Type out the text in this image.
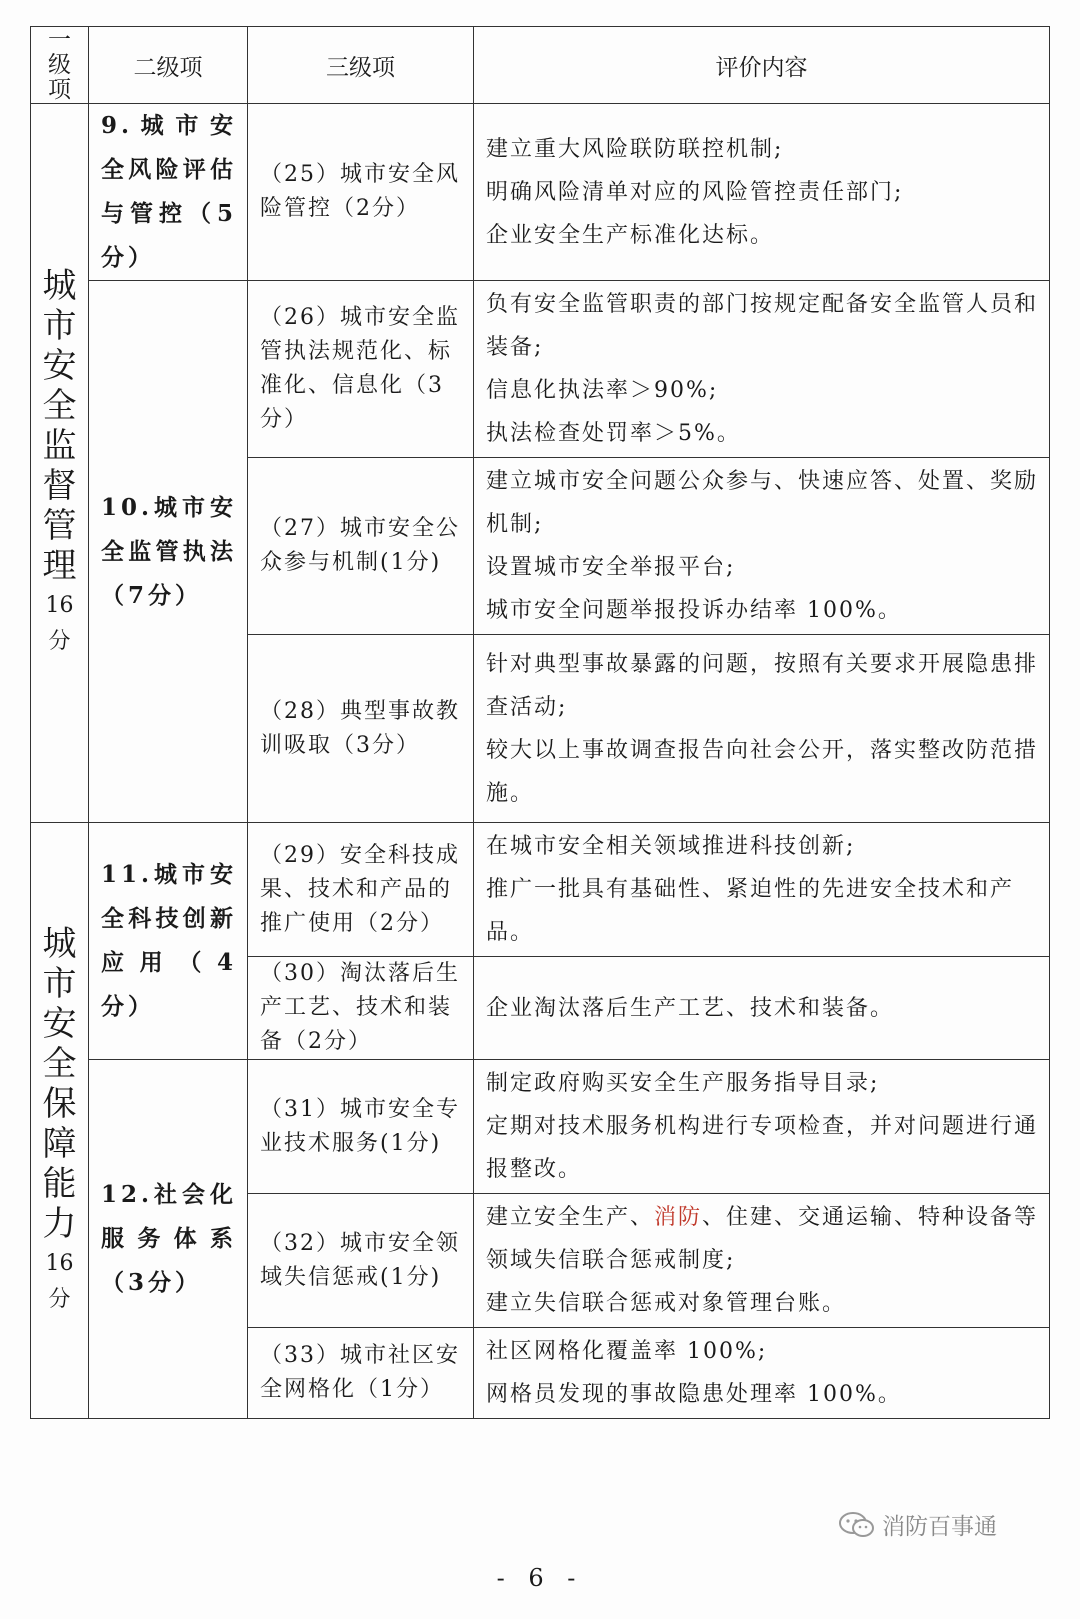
一级项	二级项	三级项	评价内容

城市安全监督管理
16分	9.城市安全风险评估与管控（5分）	（25）城市安全风险管控（2分）	建立重大风险联防联控机制;
明确风险清单对应的风险管控责任部门;
企业安全生产标准化达标。

	10.城市安全监管执法（7分）	（26）城市安全监管执法规范化、标准化、信息化（3分）	负有安全监管职责的部门按规定配备安全监管人员和装备;
信息化执法率＞90%;
执法检查处罚率＞5%。

		（27）城市安全公众参与机制(1分)	建立城市安全问题公众参与、快速应答、处置、奖励机制;
设置城市安全举报平台;
城市安全问题举报投诉办结率 100%。

		（28）典型事故教训吸取（3分）	针对典型事故暴露的问题，按照有关要求开展隐患排查活动;
较大以上事故调查报告向社会公开，落实整改防范措施。

城市安全保障能力
16分	11.城市安全科技创新应用（4分）	（29）安全科技成果、技术和产品的推广使用（2分）	在城市安全相关领域推进科技创新;
推广一批具有基础性、紧迫性的先进安全技术和产品。

		（30）淘汰落后生产工艺、技术和装备（2分）	企业淘汰落后生产工艺、技术和装备。

	12.社会化服务体系（3分）	（31）城市安全专业技术服务(1分)	制定政府购买安全生产服务指导目录;
定期对技术服务机构进行专项检查，并对问题进行通报整改。

		（32）城市安全领域失信惩戒(1分)	建立安全生产、消防、住建、交通运输、特种设备等领域失信联合惩戒制度;
建立失信联合惩戒对象管理台账。

		（33）城市社区安全网格化（1分）	社区网格化覆盖率 100%;
网格员发现的事故隐患处理率 100%。
消防百事通
- 6 -
